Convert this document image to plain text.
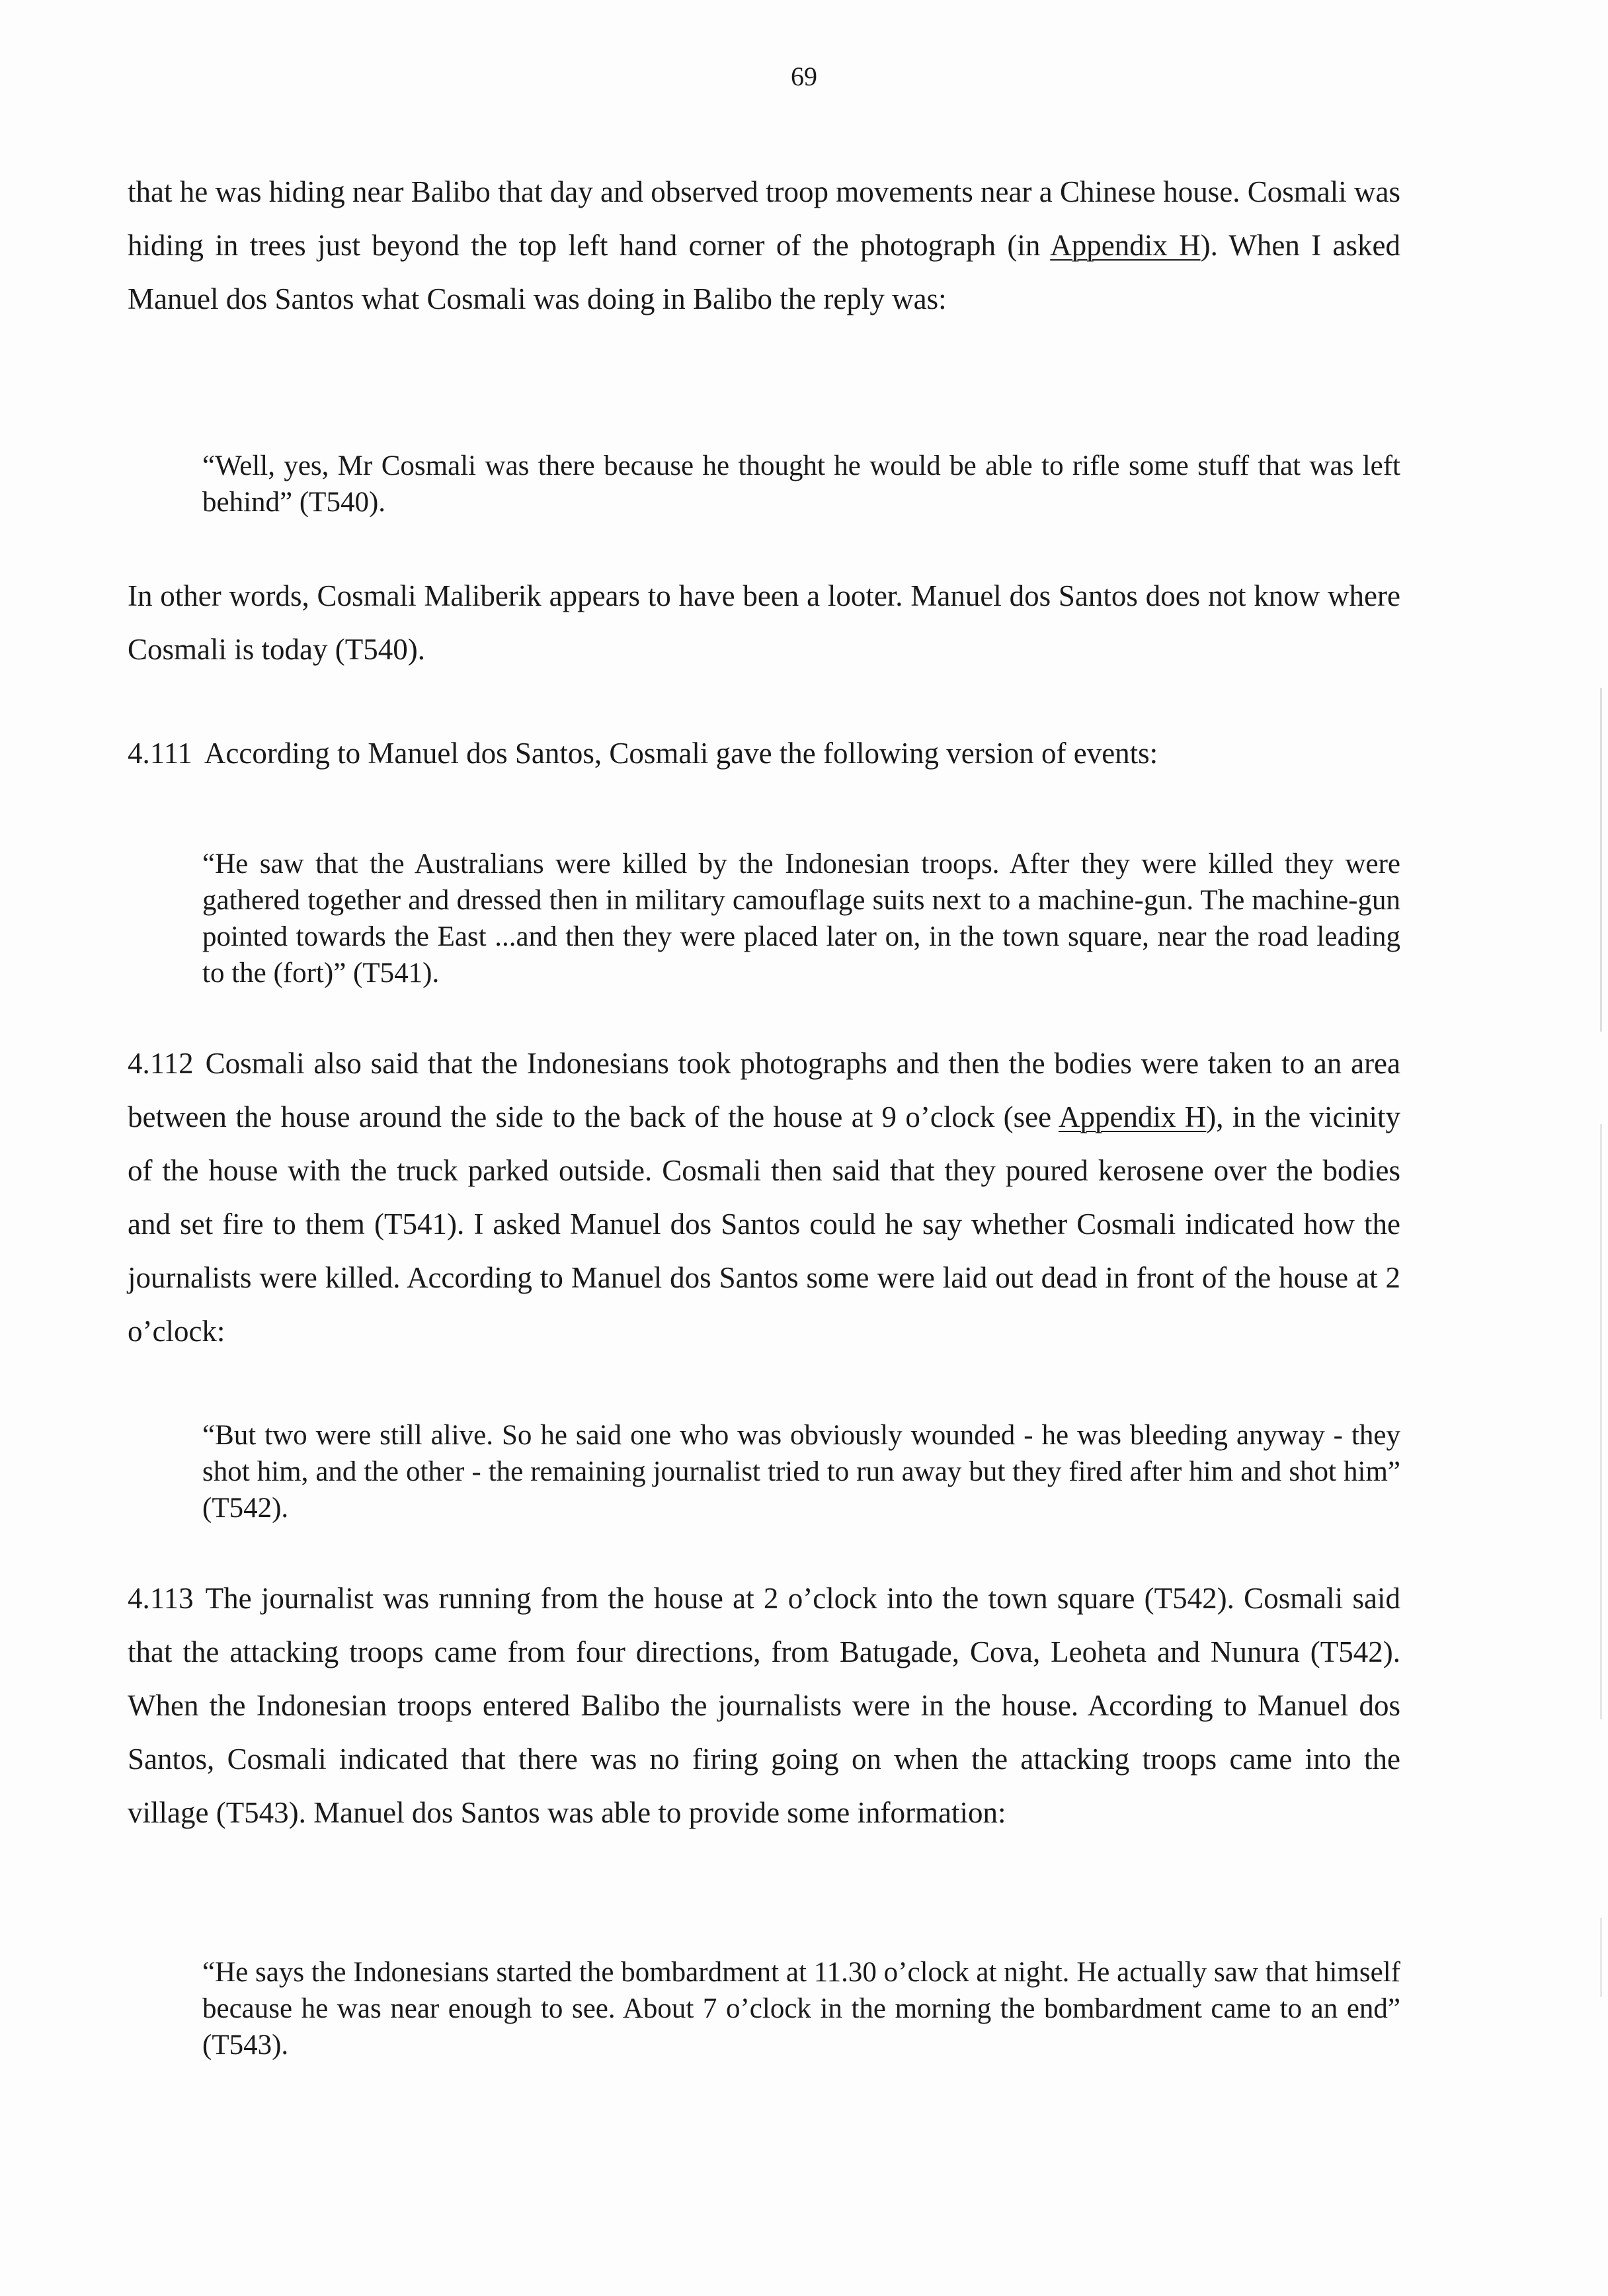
69

that he was hiding near Balibo that day and observed troop movements near a Chinese house. Cosmali was hiding in trees just beyond the top left hand corner of the photograph (in Appendix H). When I asked Manuel dos Santos what Cosmali was doing in Balibo the reply was:

“Well, yes, Mr Cosmali was there because he thought he would be able to rifle some stuff that was left behind” (T540).

In other words, Cosmali Maliberik appears to have been a looter. Manuel dos Santos does not know where Cosmali is today (T540).

4.111 According to Manuel dos Santos, Cosmali gave the following version of events:

“He saw that the Australians were killed by the Indonesian troops. After they were killed they were gathered together and dressed then in military camouflage suits next to a machine-gun. The machine-gun pointed towards the East ...and then they were placed later on, in the town square, near the road leading to the (fort)” (T541).

4.112 Cosmali also said that the Indonesians took photographs and then the bodies were taken to an area between the house around the side to the back of the house at 9 o’clock (see Appendix H), in the vicinity of the house with the truck parked outside. Cosmali then said that they poured kerosene over the bodies and set fire to them (T541). I asked Manuel dos Santos could he say whether Cosmali indicated how the journalists were killed. According to Manuel dos Santos some were laid out dead in front of the house at 2 o’clock:

“But two were still alive. So he said one who was obviously wounded - he was bleeding anyway - they shot him, and the other - the remaining journalist tried to run away but they fired after him and shot him” (T542).

4.113 The journalist was running from the house at 2 o’clock into the town square (T542). Cosmali said that the attacking troops came from four directions, from Batugade, Cova, Leoheta and Nunura (T542). When the Indonesian troops entered Balibo the journalists were in the house. According to Manuel dos Santos, Cosmali indicated that there was no firing going on when the attacking troops came into the village (T543). Manuel dos Santos was able to provide some information:

“He says the Indonesians started the bombardment at 11.30 o’clock at night. He actually saw that himself because he was near enough to see. About 7 o’clock in the morning the bombardment came to an end” (T543).
